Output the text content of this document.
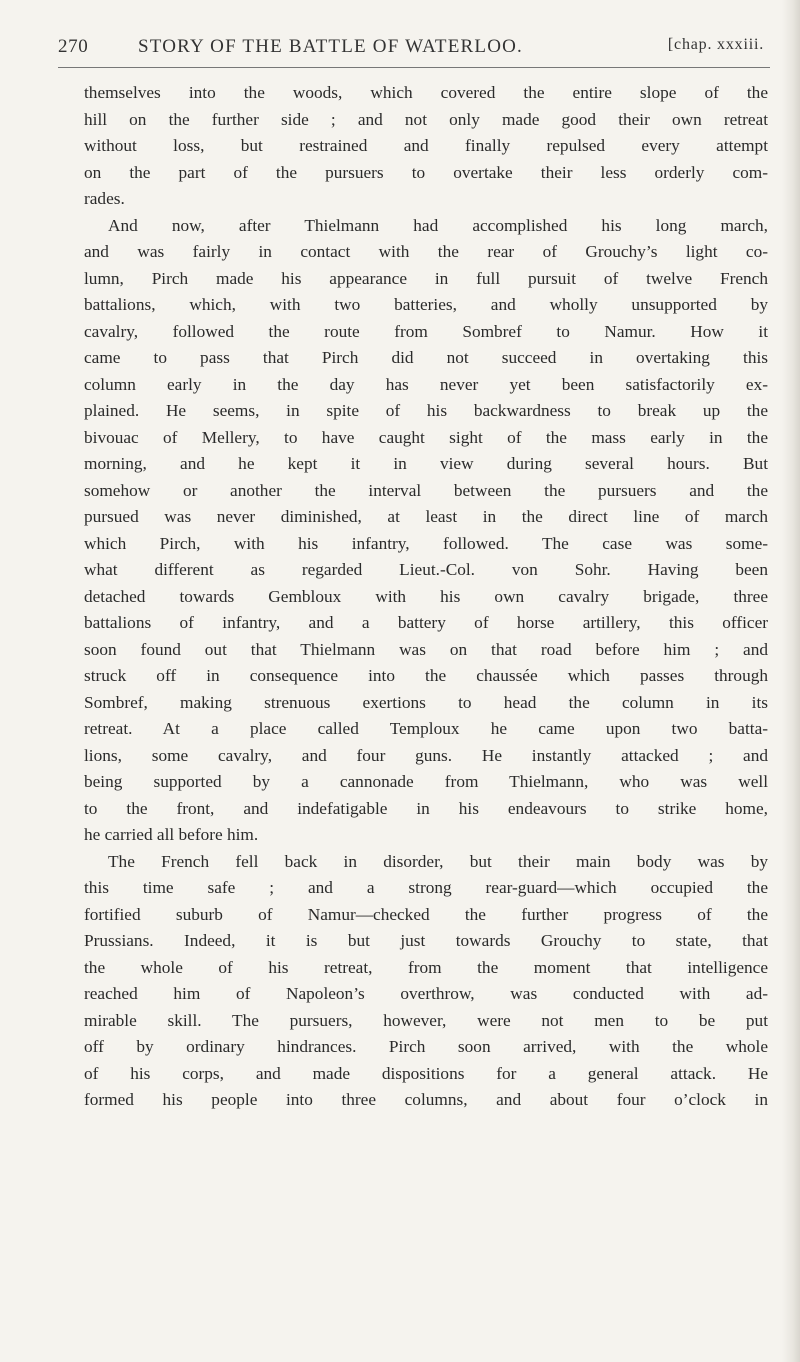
270	STORY OF THE BATTLE OF WATERLOO.	[chap. xxxiii.

themselves into the woods, which covered the entire slope of the
hill on the further side ; and not only made good their own retreat
without loss, but restrained and finally repulsed every attempt
on the part of the pursuers to overtake their less orderly com-
rades.

And now, after Thielmann had accomplished his long march,
and was fairly in contact with the rear of Grouchy’s light co-
lumn, Pirch made his appearance in full pursuit of twelve French
battalions, which, with two batteries, and wholly unsupported by
cavalry, followed the route from Sombref to Namur. How it
came to pass that Pirch did not succeed in overtaking this
column early in the day has never yet been satisfactorily ex-
plained. He seems, in spite of his backwardness to break up the
bivouac of Mellery, to have caught sight of the mass early in the
morning, and he kept it in view during several hours. But
somehow or another the interval between the pursuers and the
pursued was never diminished, at least in the direct line of march
which Pirch, with his infantry, followed. The case was some-
what different as regarded Lieut.-Col. von Sohr. Having been
detached towards Gembloux with his own cavalry brigade, three
battalions of infantry, and a battery of horse artillery, this officer
soon found out that Thielmann was on that road before him ; and
struck off in consequence into the chaussée which passes through
Sombref, making strenuous exertions to head the column in its
retreat. At a place called Temploux he came upon two batta-
lions, some cavalry, and four guns. He instantly attacked ; and
being supported by a cannonade from Thielmann, who was well
to the front, and indefatigable in his endeavours to strike home,
he carried all before him.

The French fell back in disorder, but their main body was by
this time safe ; and a strong rear-guard—which occupied the
fortified suburb of Namur—checked the further progress of the
Prussians. Indeed, it is but just towards Grouchy to state, that
the whole of his retreat, from the moment that intelligence
reached him of Napoleon’s overthrow, was conducted with ad-
mirable skill. The pursuers, however, were not men to be put
off by ordinary hindrances. Pirch soon arrived, with the whole
of his corps, and made dispositions for a general attack. He
formed his people into three columns, and about four o’clock in
